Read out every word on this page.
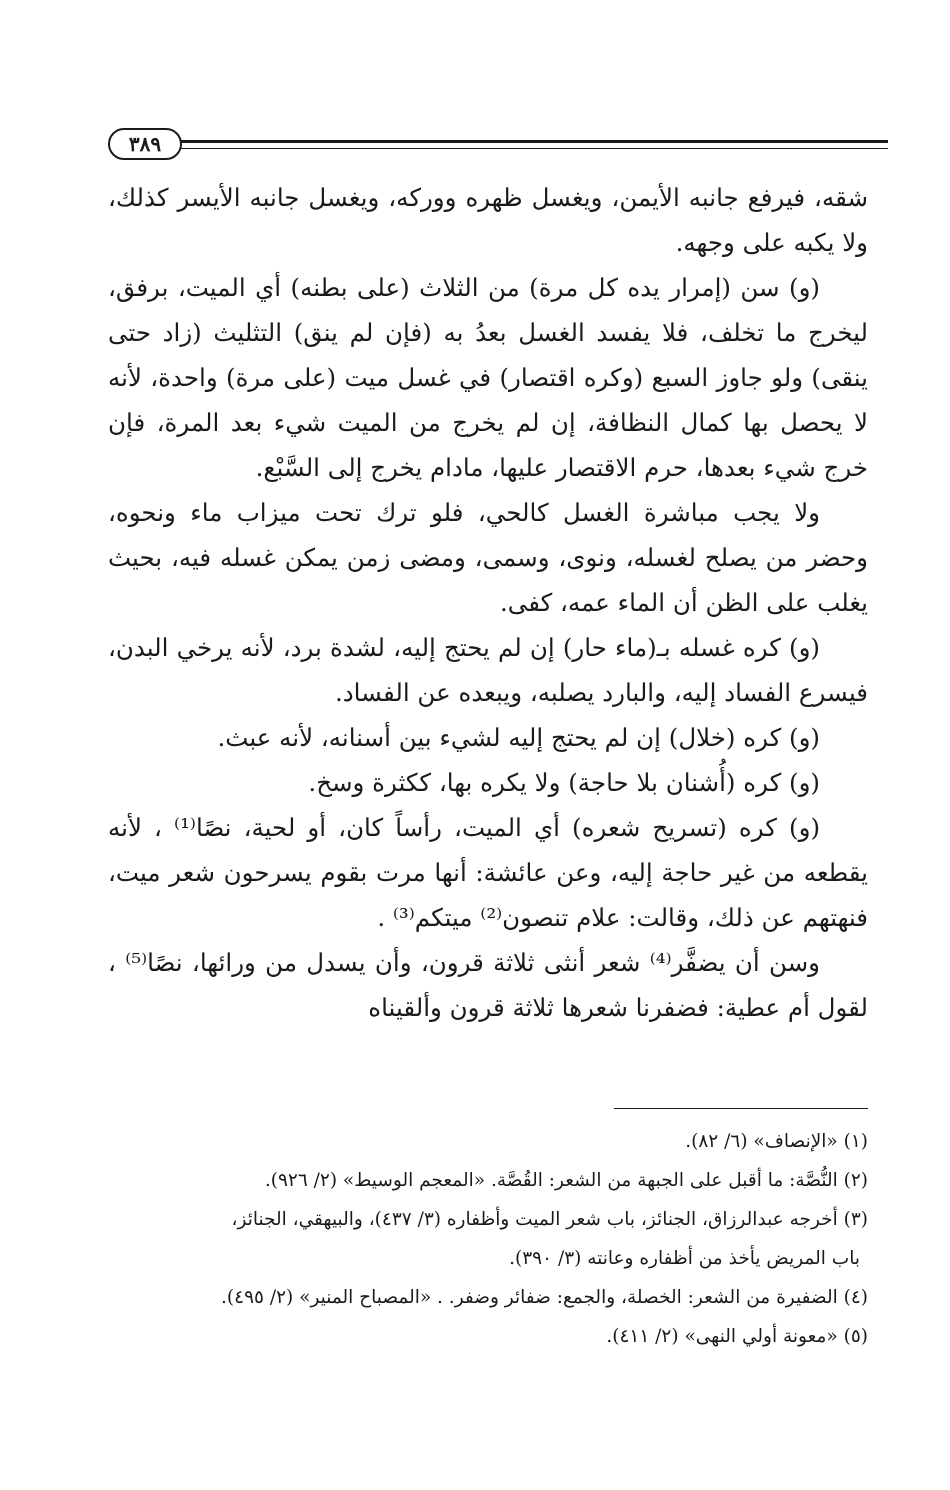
٣٨٩

شقه، فيرفع جانبه الأيمن، ويغسل ظهره ووركه، ويغسل جانبه الأيسر كذلك، ولا يكبه على وجهه.

(و) سن (إمرار يده كل مرة) من الثلاث (على بطنه) أي الميت، برفق، ليخرج ما تخلف، فلا يفسد الغسل بعدُ به (فإن لم ينق) التثليث (زاد حتى ينقى) ولو جاوز السبع (وكره اقتصار) في غسل ميت (على مرة) واحدة، لأنه لا يحصل بها كمال النظافة، إن لم يخرج من الميت شيء بعد المرة، فإن خرج شيء بعدها، حرم الاقتصار عليها، مادام يخرج إلى السَّبْع.

ولا يجب مباشرة الغسل كالحي، فلو ترك تحت ميزاب ماء ونحوه، وحضر من يصلح لغسله، ونوى، وسمى، ومضى زمن يمكن غسله فيه، بحيث يغلب على الظن أن الماء عمه، كفى.

(و) كره غسله بـ(ماء حار) إن لم يحتج إليه، لشدة برد، لأنه يرخي البدن، فيسرع الفساد إليه، والبارد يصلبه، ويبعده عن الفساد.

(و) كره (خلال) إن لم يحتج إليه لشيء بين أسنانه، لأنه عبث.

(و) كره (أُشنان بلا حاجة) ولا يكره بها، ككثرة وسخ.

(و) كره (تسريح شعره) أي الميت، رأساً كان، أو لحية، نصًا⁽¹⁾ ، لأنه يقطعه من غير حاجة إليه، وعن عائشة: أنها مرت بقوم يسرحون شعر ميت، فنهتهم عن ذلك، وقالت: علام تنصون⁽²⁾ ميتكم⁽³⁾ .

وسن أن يضفَّر⁽⁴⁾ شعر أنثى ثلاثة قرون، وأن يسدل من ورائها، نصًا⁽⁵⁾ ، لقول أم عطية: فضفرنا شعرها ثلاثة قرون وألقيناه

(١) «الإنصاف» (٦/ ٨٢).

(٢) النُّصَّة: ما أقبل على الجبهة من الشعر: القُصَّة. «المعجم الوسيط» (٢/ ٩٢٦).

(٣) أخرجه عبدالرزاق، الجنائز، باب شعر الميت وأظفاره (٣/ ٤٣٧)، والبيهقي، الجنائز،

باب المريض يأخذ من أظفاره وعانته (٣/ ٣٩٠).

(٤) الضفيرة من الشعر: الخصلة، والجمع: ضفائر وضفر. . «المصباح المنير» (٢/ ٤٩٥).

(٥) «معونة أولي النهى» (٢/ ٤١١).
